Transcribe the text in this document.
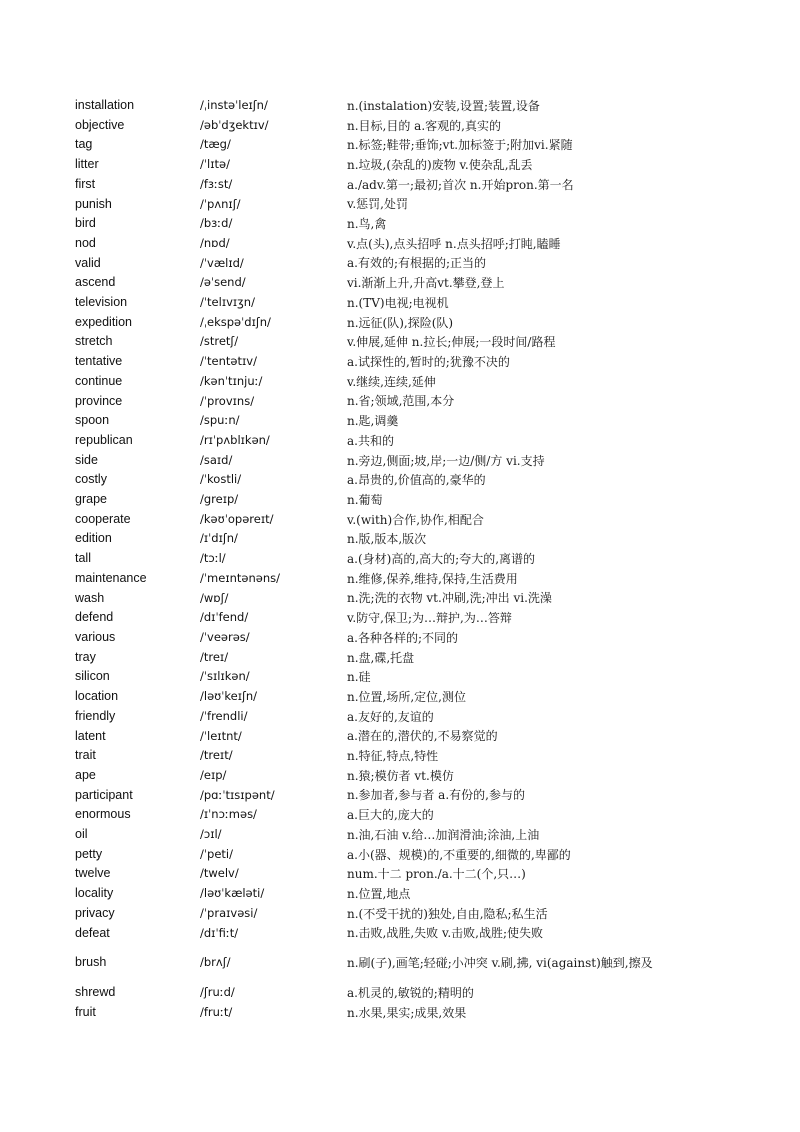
installation	/ˌinstəˈleɪʃn/	n.(instalation)安装,设置;装置,设备
objective	/əbˈdʒektɪv/	n.目标,目的 a.客观的,真实的
tag	/tæg/	n.标签;鞋带;垂饰;vt.加标签于;附加vi.紧随
litter	/ˈlɪtə/	n.垃圾,(杂乱的)废物 v.使杂乱,乱丢
first	/fɜːst/	a./adv.第一;最初;首次 n.开始pron.第一名
punish	/ˈpʌnɪʃ/	v.惩罚,处罚
bird	/bɜːd/	n.鸟,禽
nod	/nɒd/	v.点(头),点头招呼 n.点头招呼;打盹,瞌睡
valid	/ˈvælɪd/	a.有效的;有根据的;正当的
ascend	/əˈsend/	vi.渐渐上升,升高vt.攀登,登上
television	/ˈtelɪvɪʒn/	n.(TV)电视;电视机
expedition	/ˌekspəˈdɪʃn/	n.远征(队),探险(队)
stretch	/stretʃ/	v.伸展,延伸 n.拉长;伸展;一段时间/路程
tentative	/ˈtentətɪv/	a.试探性的,暂时的;犹豫不决的
continue	/kənˈtɪnjuː/	v.继续,连续,延伸
province	/ˈprovɪns/	n.省;领域,范围,本分
spoon	/spuːn/	n.匙,调羹
republican	/rɪˈpʌblɪkən/	a.共和的
side	/saɪd/	n.旁边,侧面;坡,岸;一边/侧/方 vi.支持
costly	/ˈkostli/	a.昂贵的,价值高的,豪华的
grape	/greɪp/	n.葡萄
cooperate	/kəʊˈopəreɪt/	v.(with)合作,协作,相配合
edition	/ɪˈdɪʃn/	n.版,版本,版次
tall	/tɔːl/	a.(身材)高的,高大的;夸大的,离谱的
maintenance	/ˈmeɪntənəns/	n.维修,保养,维持,保持,生活费用
wash	/wɒʃ/	n.洗;洗的衣物 vt.冲刷,洗;冲出 vi.洗澡
defend	/dɪˈfend/	v.防守,保卫;为…辩护,为…答辩
various	/ˈveərəs/	a.各种各样的;不同的
tray	/treɪ/	n.盘,碟,托盘
silicon	/ˈsɪlɪkən/	n.硅
location	/ləʊˈkeɪʃn/	n.位置,场所,定位,测位
friendly	/ˈfrendli/	a.友好的,友谊的
latent	/ˈleɪtnt/	a.潜在的,潜伏的,不易察觉的
trait	/treɪt/	n.特征,特点,特性
ape	/eɪp/	n.猿;模仿者 vt.模仿
participant	/pɑːˈtɪsɪpənt/	n.参加者,参与者 a.有份的,参与的
enormous	/ɪˈnɔːməs/	a.巨大的,庞大的
oil	/ɔɪl/	n.油,石油 v.给…加润滑油;涂油,上油
petty	/ˈpeti/	a.小(器、规模)的,不重要的,细微的,卑鄙的
twelve	/twelv/	num.十二 pron./a.十二(个,只…)
locality	/ləʊˈkæləti/	n.位置,地点
privacy	/ˈpraɪvəsi/	n.(不受干扰的)独处,自由,隐私;私生活
defeat	/dɪˈfiːt/	n.击败,战胜,失败 v.击败,战胜;使失败
brush	/brʌʃ/	n.刷(子),画笔;轻碰;小冲突 v.刷,拂, vi(against)触到,擦及
shrewd	/ʃruːd/	a.机灵的,敏锐的;精明的
fruit	/fruːt/	n.水果,果实;成果,效果
